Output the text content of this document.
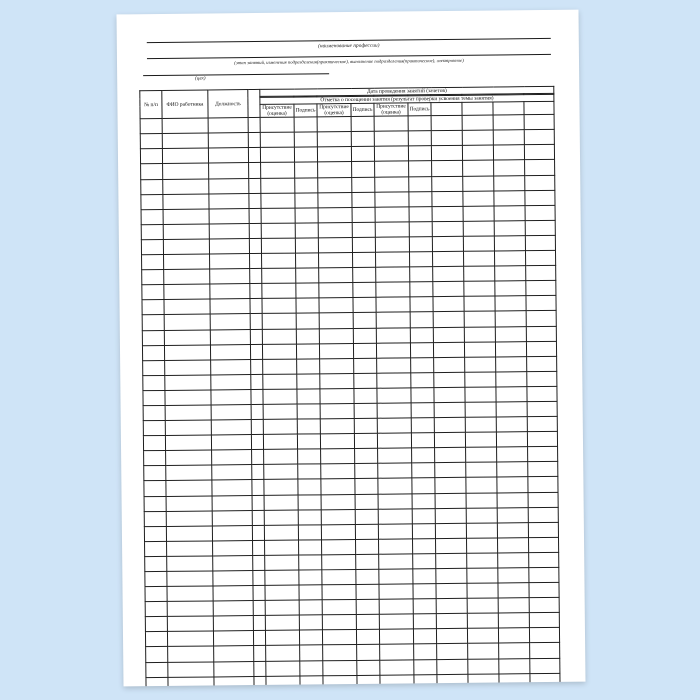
(наименование профессии)
(этап занятий, изменения подразделения(практическое), выполнение подразделения(практическое), электронное)
(цех)
№ п/п	ФИО работника	Должность		Дата проведения занятий (зачетов)									

				Отметка о посещении занятия (результат проверки усвоения темы занятия)									
				Присутствие (оценка)	Подпись	Присутствие (оценка)	Подпись	Присутствие (оценка)	Подпись				
